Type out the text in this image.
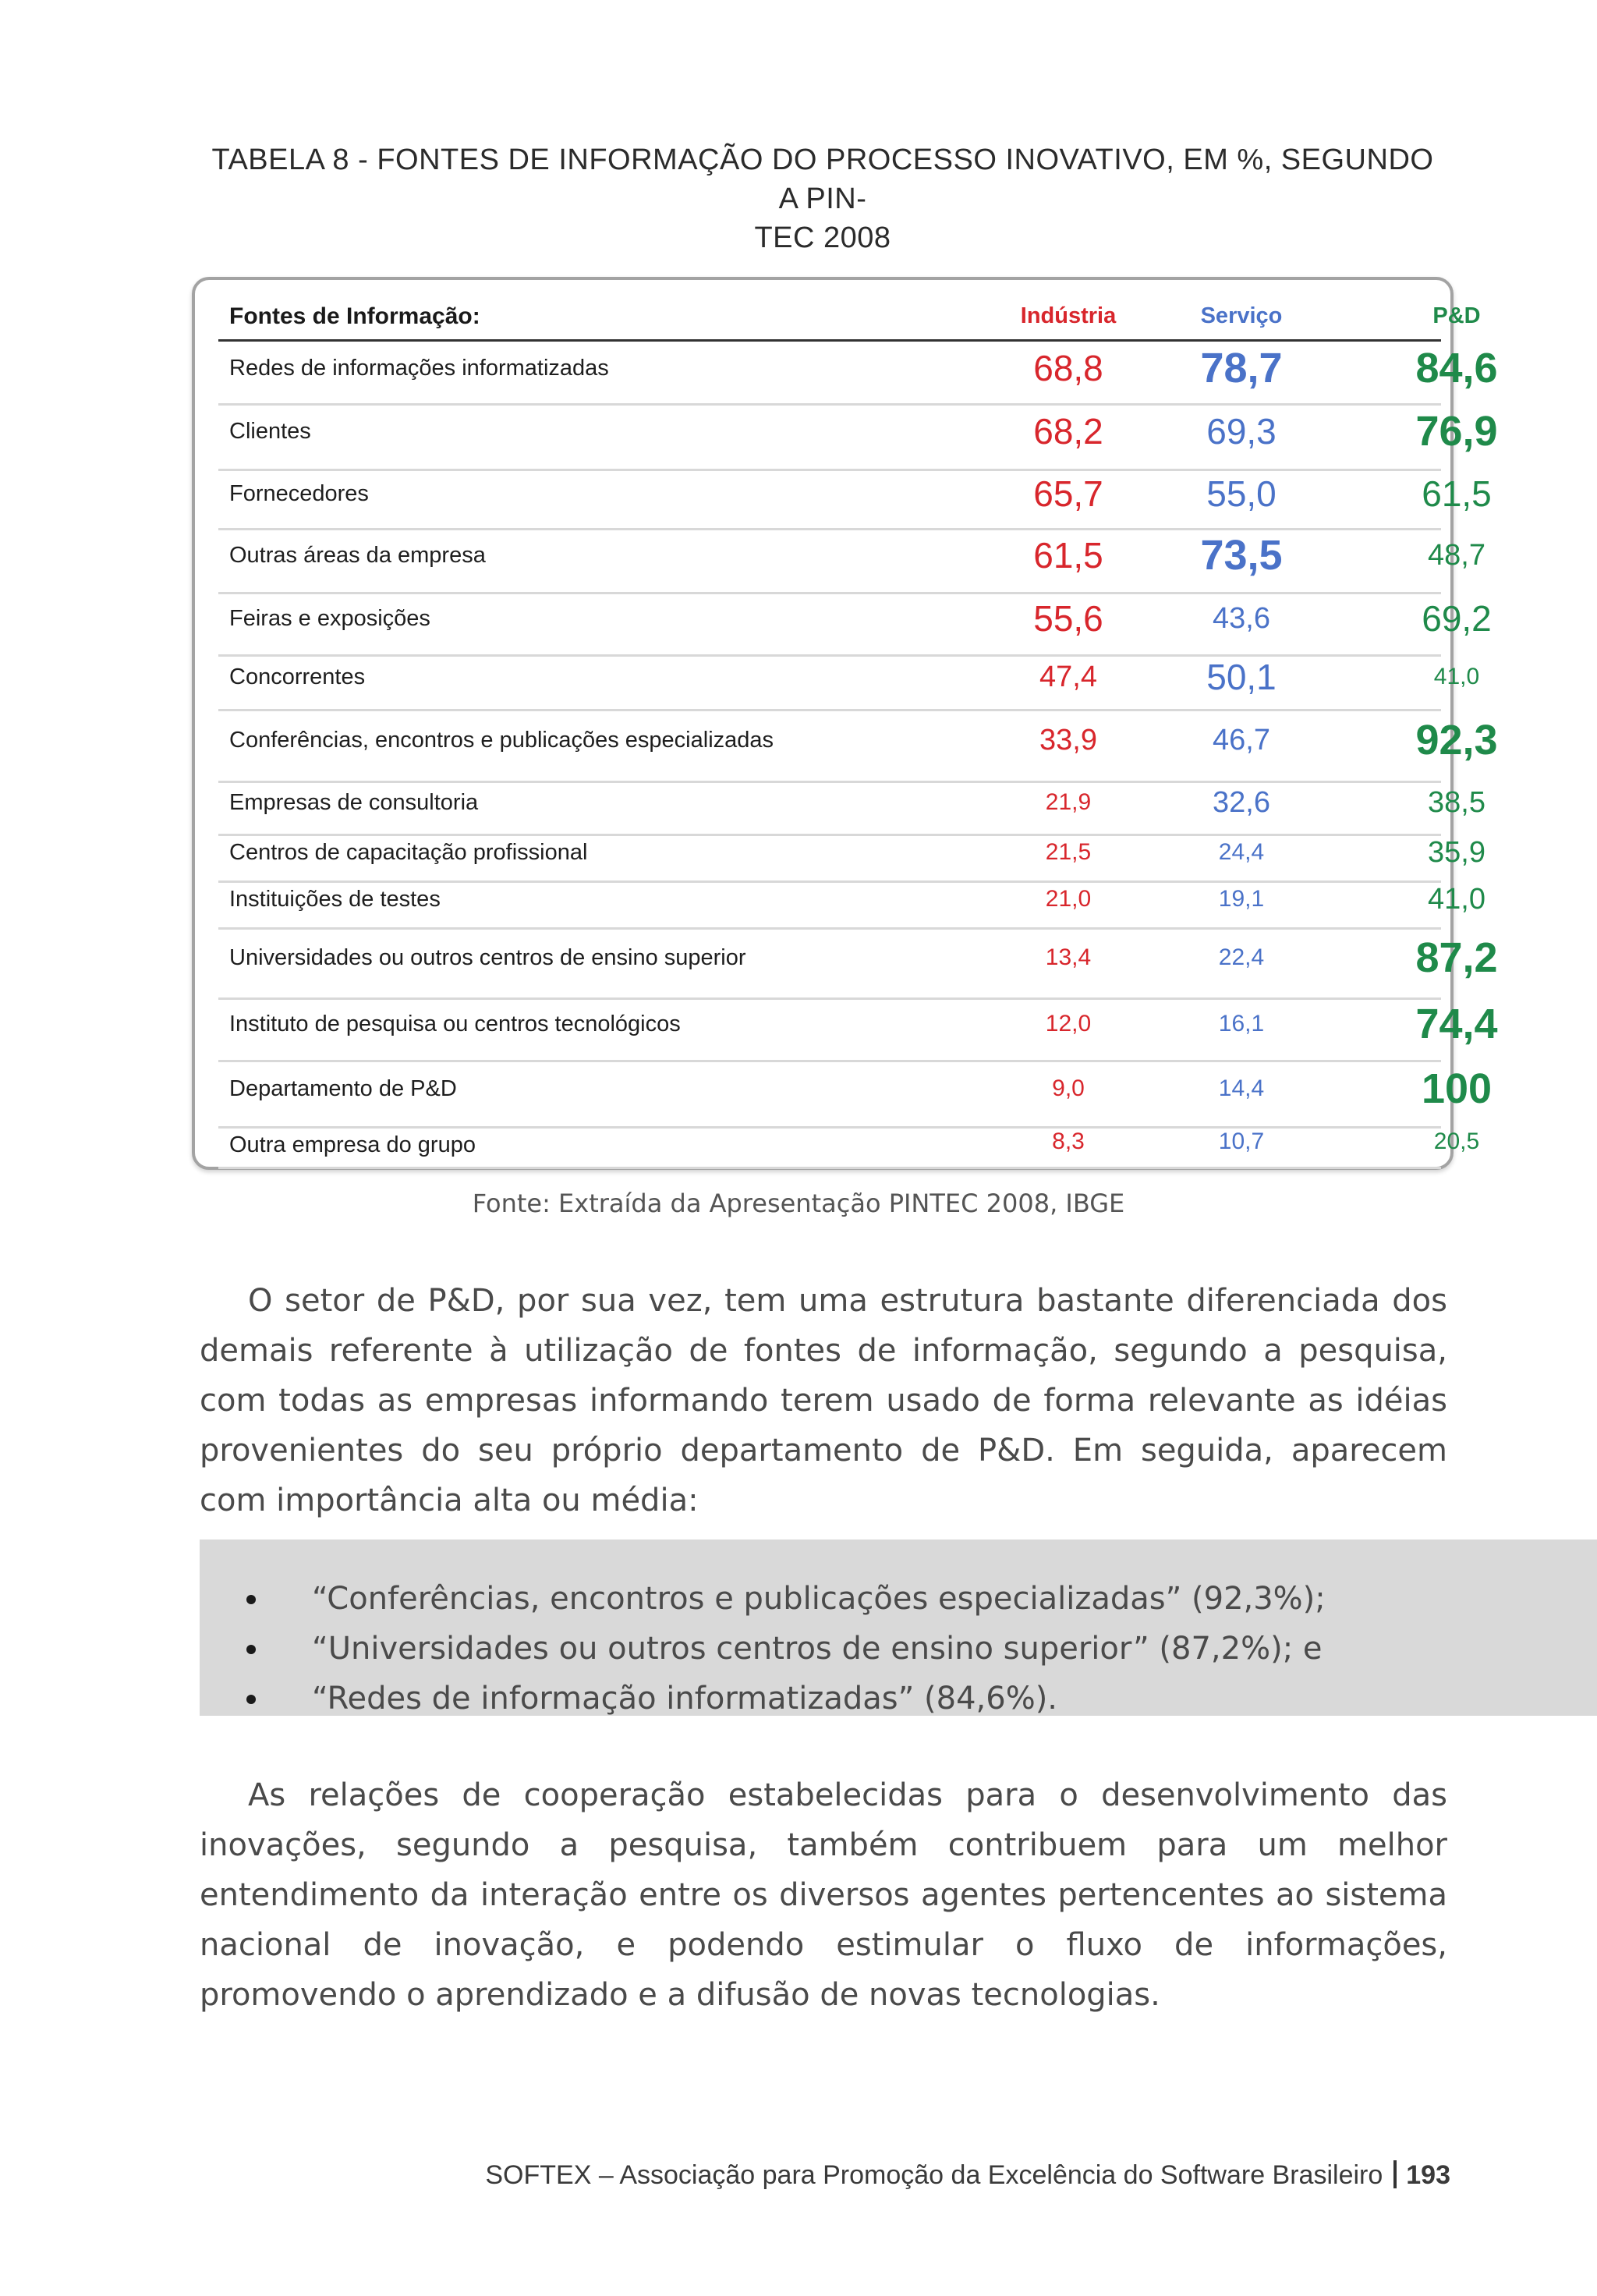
TABELA 8 - FONTES DE INFORMAÇÃO DO PROCESSO INOVATIVO, EM %, SEGUNDO A PIN-
TEC 2008
Fontes de Informação:	Indústria	Serviço	P&D
Redes de informações informatizadas	68,8	78,7	84,6
Clientes	68,2	69,3	76,9
Fornecedores	65,7	55,0	61,5
Outras áreas da empresa	61,5	73,5	48,7
Feiras e exposições	55,6	43,6	69,2
Concorrentes	47,4	50,1	41,0
Conferências, encontros e publicações especializadas	33,9	46,7	92,3
Empresas de consultoria	21,9	32,6	38,5
Centros de capacitação profissional	21,5	24,4	35,9
Instituições de testes	21,0	19,1	41,0
Universidades ou outros centros de ensino superior	13,4	22,4	87,2
Instituto de pesquisa ou centros tecnológicos	12,0	16,1	74,4
Departamento de P&D	9,0	14,4	100
Outra empresa do grupo	8,3	10,7	20,5
Fonte: Extraída da Apresentação PINTEC 2008, IBGE

O setor de P&D, por sua vez, tem uma estrutura bastante diferenciada dos demais referente à utilização de fontes de informação, segundo a pesquisa, com todas as empresas informando terem usado de forma relevante as idéias provenientes do seu próprio departamento de P&D. Em seguida, aparecem com importância alta ou média:

“Conferências, encontros e publicações especializadas” (92,3%);
“Universidades ou outros centros de ensino superior” (87,2%); e
“Redes de informação informatizadas” (84,6%).

As relações de cooperação estabelecidas para o desenvolvimento das inovações, segundo a pesquisa, também contribuem para um melhor entendimento da interação entre os diversos agentes pertencentes ao sistema nacional de inovação, e podendo estimular o fluxo de informações, promovendo o aprendizado e a difusão de novas tecnologias.

SOFTEX – Associação para Promoção da Excelência do Software Brasileiro 193
